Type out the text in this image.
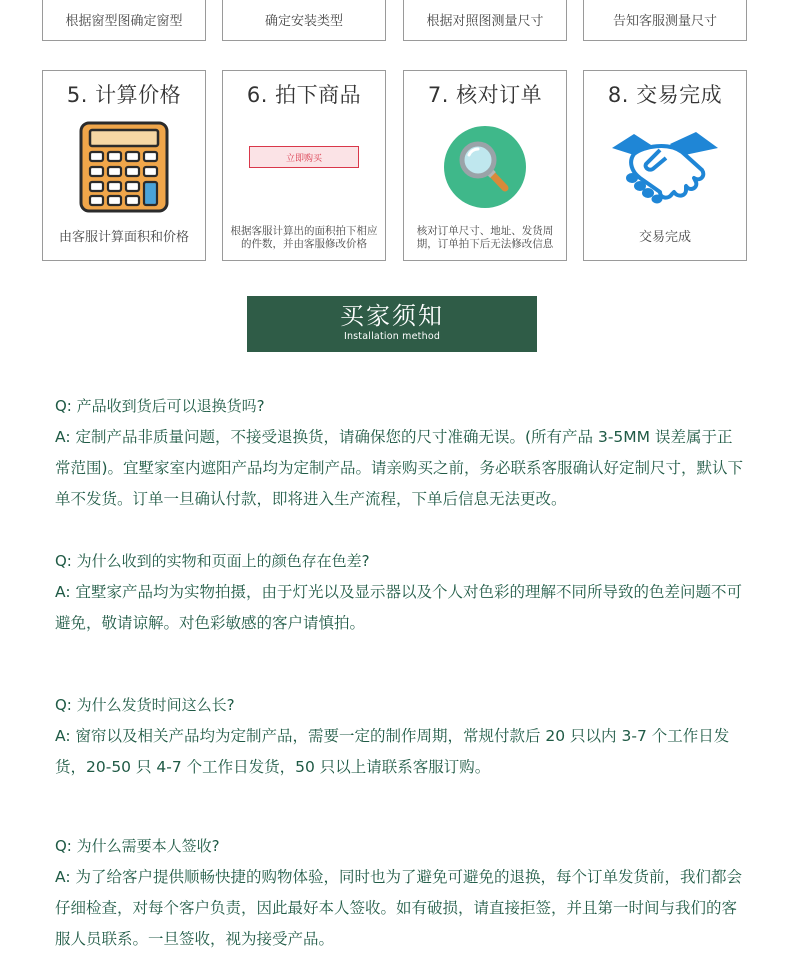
根据窗型图确定窗型	确定安装类型	根据对照图测量尺寸	告知客服测量尺寸
5. 计算价格
由客服计算面积和价格
6. 拍下商品
立即购买
根据客服计算出的面积拍下相应的件数，并由客服修改价格
7. 核对订单
核对订单尺寸、地址、发货周期，订单拍下后无法修改信息
8. 交易完成
交易完成
买家须知
Installation method
Q: 产品收到货后可以退换货吗?
A: 定制产品非质量问题，不接受退换货，请确保您的尺寸准确无误。(所有产品 3-5MM 误差属于正常范围)。宜墅家室内遮阳产品均为定制产品。请亲购买之前，务必联系客服确认好定制尺寸，默认下单不发货。订单一旦确认付款，即将进入生产流程，下单后信息无法更改。
Q: 为什么收到的实物和页面上的颜色存在色差?
A: 宜墅家产品均为实物拍摄，由于灯光以及显示器以及个人对色彩的理解不同所导致的色差问题不可避免，敬请谅解。对色彩敏感的客户请慎拍。
Q: 为什么发货时间这么长?
A: 窗帘以及相关产品均为定制产品，需要一定的制作周期，常规付款后 20 只以内 3-7 个工作日发货，20-50 只 4-7 个工作日发货，50 只以上请联系客服订购。
Q: 为什么需要本人签收?
A: 为了给客户提供顺畅快捷的购物体验，同时也为了避免可避免的退换，每个订单发货前，我们都会仔细检查，对每个客户负责，因此最好本人签收。如有破损，请直接拒签，并且第一时间与我们的客服人员联系。一旦签收，视为接受产品。
